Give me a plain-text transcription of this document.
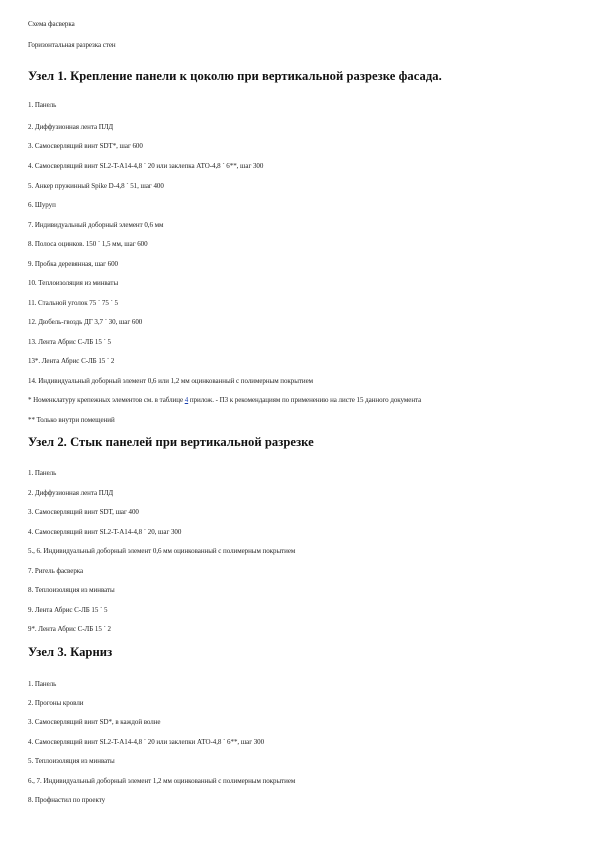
Схема фасверка
Горизонтальная разрезка стен
Узел 1. Крепление панели к цоколю при вертикальной разрезке фасада.
1. Панель
2. Диффузионная лента ПЛД
3. Самосверлящий винт SDT*, шаг 600
4. Самосверлящий винт SL2-T-A14-4,8 ´ 20 или заклепка АТО-4,8 ´ 6**, шаг 300
5. Анкер пружинный Spike D-4,8 ´ 51, шаг 400
6. Шуруп
7. Индивидуальный доборный элемент 0,6 мм
8. Полоса оцинков. 150 ´ 1,5 мм, шаг 600
9. Пробка деревянная, шаг 600
10. Теплоизоляция из минваты
11. Стальной уголок 75 ´ 75 ´ 5
12. Дюбель-гвоздь ДГ 3,7 ´ 30, шаг 600
13. Лента Абрис С-ЛБ 15 ´ 5
13*. Лента Абрис С-ЛБ 15 ´ 2
14. Индивидуальный доборный элемент 0,6 или 1,2 мм оцинкованный с полимерным покрытием
* Номенклатуру крепежных элементов см. в таблице 4 прилож. - П3 к рекомендациям по применению на листе 15 данного документа
** Только внутри помещений
Узел 2. Стык панелей при вертикальной разрезке
1. Панель
2. Диффузионная лента ПЛД
3. Самосверлящий винт SDT, шаг 400
4. Самосверлящий винт SL2-T-A14-4,8 ´ 20, шаг 300
5., 6. Индивидуальный доборный элемент 0,6 мм оцинкованный с полимерным покрытием
7. Ригель фасверка
8. Теплоизоляция из минваты
9. Лента Абрис С-ЛБ 15 ´ 5
9*. Лента Абрис С-ЛБ 15 ´ 2
Узел 3. Карниз
1. Панель
2. Прогоны кровли
3. Самосверлящий винт SD*, в каждой волне
4. Самосверлящий винт SL2-T-A14-4,8 ´ 20 или заклепки АТО-4,8 ´ 6**, шаг 300
5. Теплоизоляция из минваты
6., 7. Индивидуальный доборный элемент 1,2 мм оцинкованный с полимерным покрытием
8. Профнастил по проекту
